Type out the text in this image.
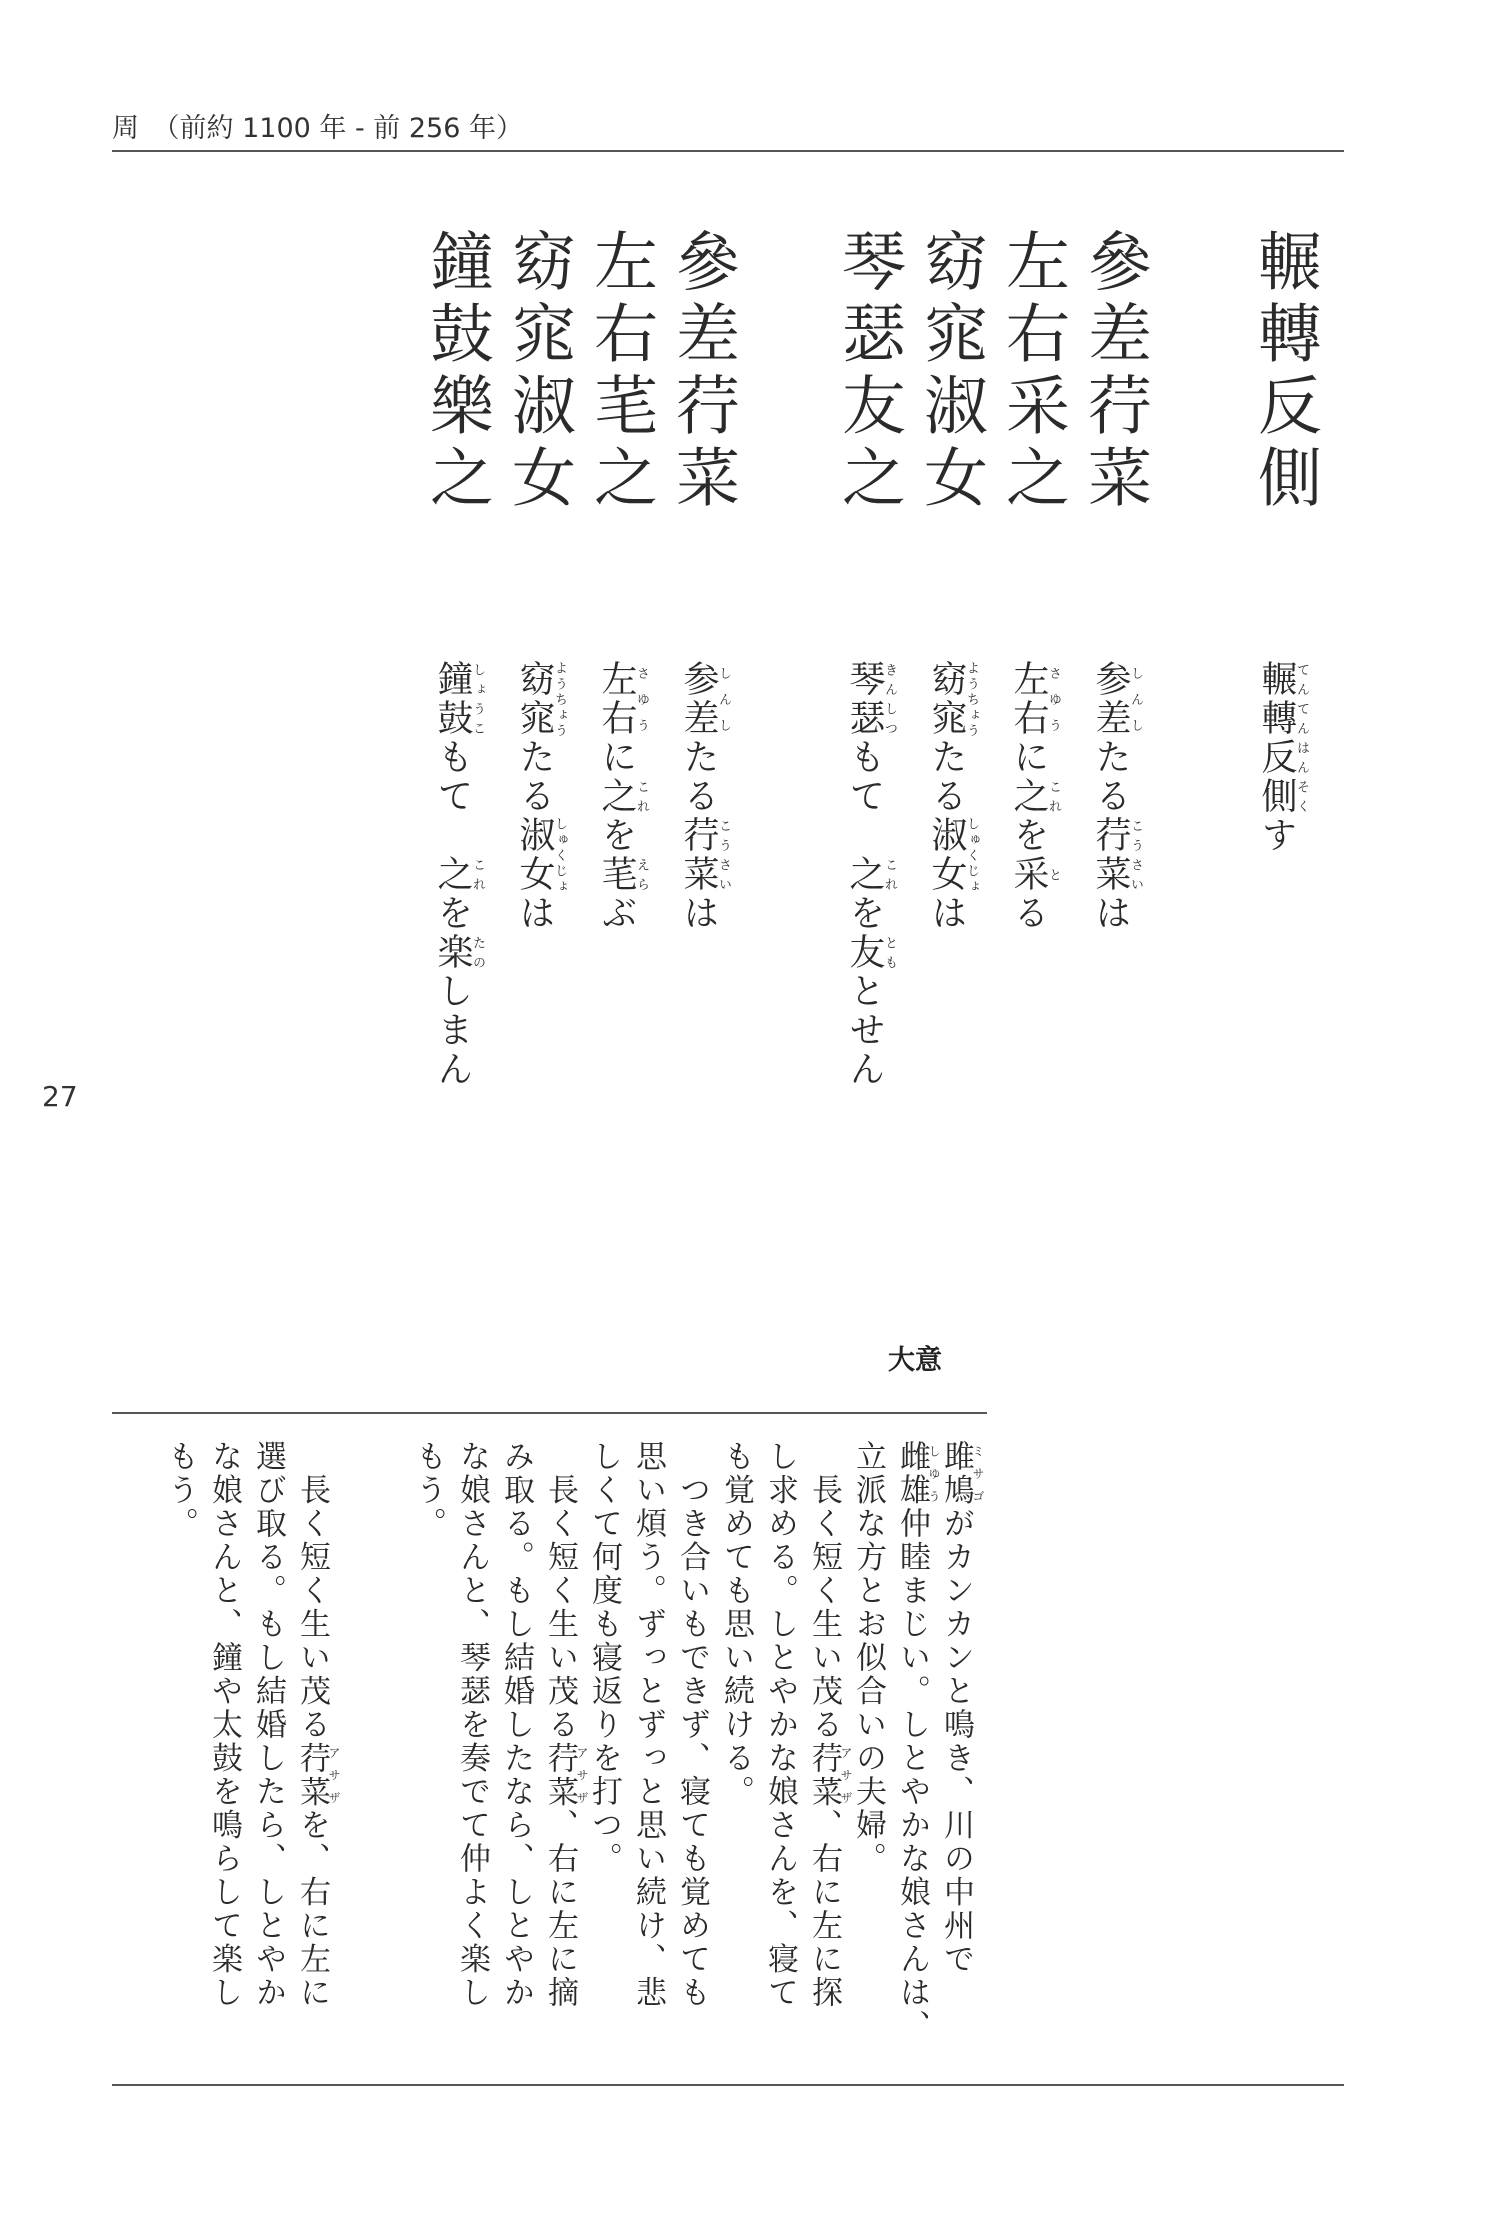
周　（前約 1100 年 - 前 256 年）
27
輾轉反側
參差荇菜
左右采之
窈窕淑女
琴瑟友之
參差荇菜
左右芼之
窈窕淑女
鐘鼓樂之
輾轉反側てんてんはんそくす
参差しんしたる荇菜こうさいは
左右さゆうに之これを采とる
窈窕ようちょうたる淑女しゅくじょは
琴瑟きんしつもて　之これを友ともとせん
参差しんしたる荇菜こうさいは
左右さゆうに之これを芼えらぶ
窈窕ようちょうたる淑女しゅくじょは
鐘鼓しょうこもて　之これを楽たのしまん
大意
雎鳩ミサゴがカンカンと鳴き、川の中州で
雌雄しゆう仲睦まじい。しとやかな娘さんは、
立派な方とお似合いの夫婦。
　長く短く生い茂る荇菜アサザ、右に左に探
し求める。しとやかな娘さんを、寝て
も覚めても思い続ける。
　つき合いもできず、寝ても覚めても
思い煩う。ずっとずっと思い続け、悲
しくて何度も寝返りを打つ。
　長く短く生い茂る荇菜アサザ、右に左に摘
み取る。もし結婚したなら、しとやか
な娘さんと、琴瑟を奏でて仲よく楽し
もう。
　長く短く生い茂る荇菜アサザを、右に左に
選び取る。もし結婚したら、しとやか
な娘さんと、鐘や太鼓を鳴らして楽し
もう。
